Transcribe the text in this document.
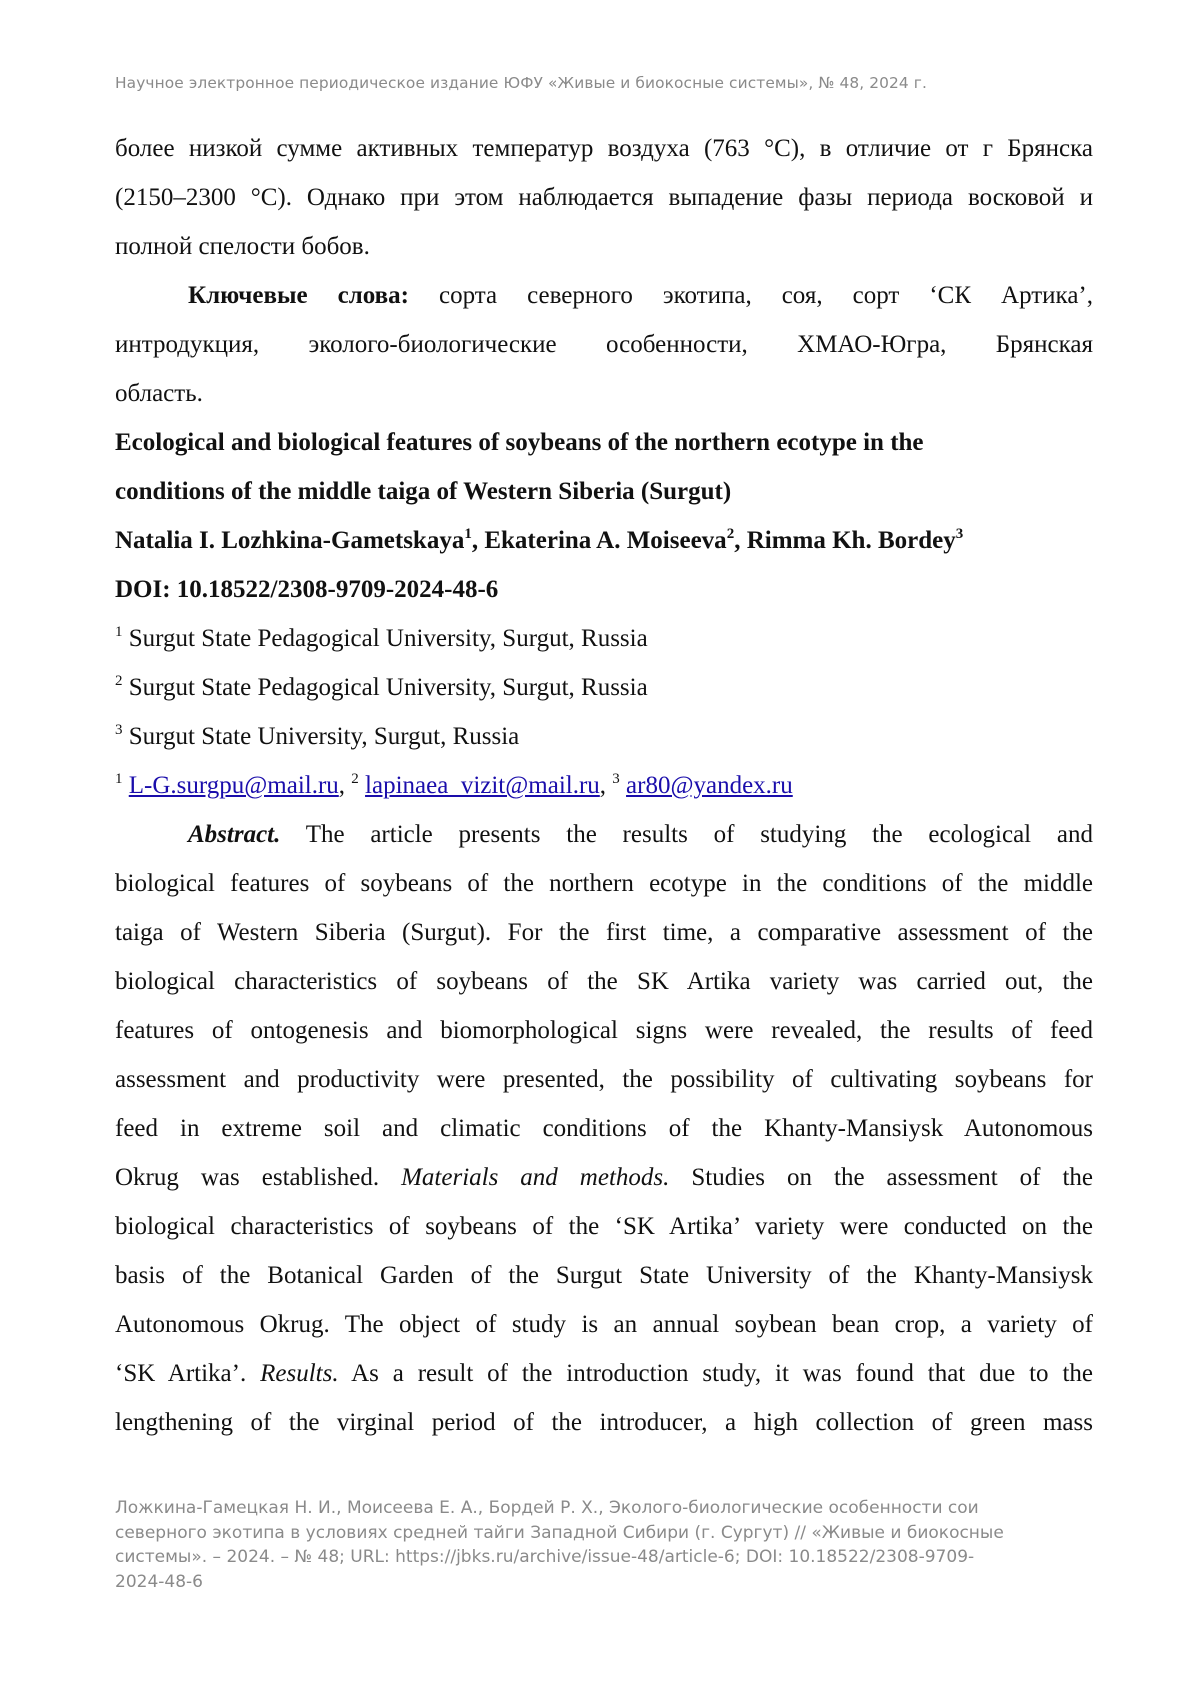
Научное электронное периодическое издание ЮФУ «Живые и биокосные системы», № 48, 2024 г.

более низкой сумме активных температур воздуха (763 °С), в отличие от г Брянска

(2150–2300 °С). Однако при этом наблюдается выпадение фазы периода восковой и

полной спелости бобов.

Ключевые слова: сорта северного экотипа, соя, сорт ‘СК Артика’,

интродукция, эколого-биологические особенности, ХМАО-Югра, Брянская

область.

Ecological and biological features of soybeans of the northern ecotype in the

conditions of the middle taiga of Western Siberia (Surgut)

Natalia I. Lozhkina-Gametskaya$^1$, Ekaterina A. Moiseeva$^2$, Rimma Kh. Bordey$^3$

DOI: 10.18522/2308-9709-2024-48-6

$^1$ Surgut State Pedagogical University, Surgut, Russia

$^2$ Surgut State Pedagogical University, Surgut, Russia

$^3$ Surgut State University, Surgut, Russia

$^1$ L-G.surgpu@mail.ru, $^2$ lapinaea_vizit@mail.ru, $^3$ ar80@yandex.ru

Abstract. The article presents the results of studying the ecological and

biological features of soybeans of the northern ecotype in the conditions of the middle

taiga of Western Siberia (Surgut). For the first time, a comparative assessment of the

biological characteristics of soybeans of the SK Artika variety was carried out, the

features of ontogenesis and biomorphological signs were revealed, the results of feed

assessment and productivity were presented, the possibility of cultivating soybeans for

feed in extreme soil and climatic conditions of the Khanty-Mansiysk Autonomous

Okrug was established. Materials and methods. Studies on the assessment of the

biological characteristics of soybeans of the ‘SK Artika’ variety were conducted on the

basis of the Botanical Garden of the Surgut State University of the Khanty-Mansiysk

Autonomous Okrug. The object of study is an annual soybean bean crop, a variety of

‘SK Artika’. Results. As a result of the introduction study, it was found that due to the

lengthening of the virginal period of the introducer, a high collection of green mass

Ложкина-Гамецкая Н. И., Моисеева Е. А., Бордей Р. Х., Эколого-биологические особенности сои
северного экотипа в условиях средней тайги Западной Сибири (г. Сургут) // «Живые и биокосные
системы». – 2024. – № 48; URL: https://jbks.ru/archive/issue-48/article-6; DOI: 10.18522/2308-9709-
2024-48-6
